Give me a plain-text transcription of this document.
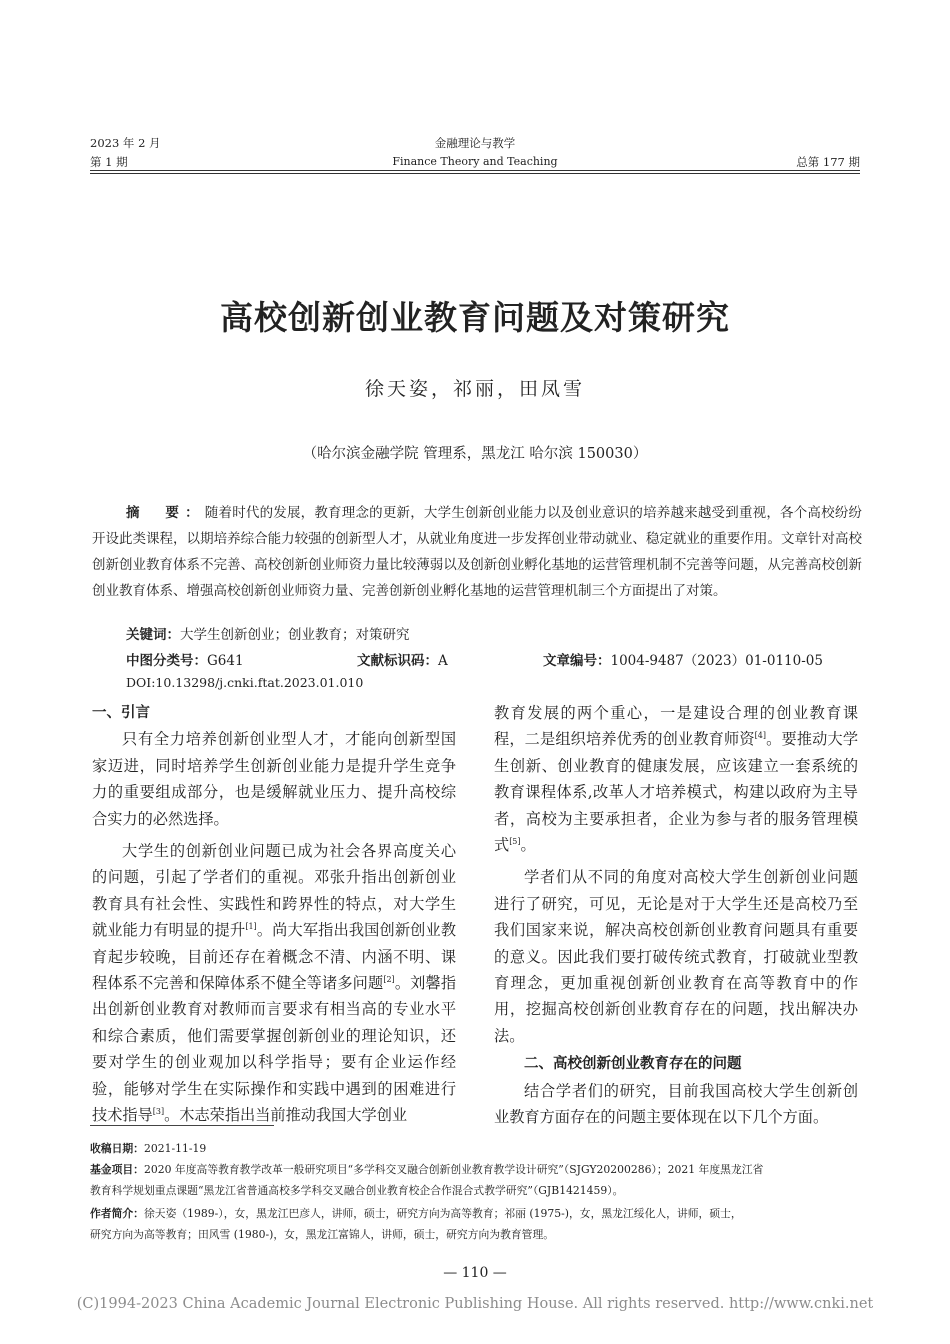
2023 年 2 月
第 1 期
金融理论与教学
Finance Theory and Teaching	总第 177 期
高校创新创业教育问题及对策研究
徐天姿，祁丽，田凤雪
（哈尔滨金融学院 管理系，黑龙江 哈尔滨 150030）
摘　要：随着时代的发展，教育理念的更新，大学生创新创业能力以及创业意识的培养越来越受到重视，各个高校纷纷开设此类课程，以期培养综合能力较强的创新型人才，从就业角度进一步发挥创业带动就业、稳定就业的重要作用。文章针对高校创新创业教育体系不完善、高校创新创业师资力量比较薄弱以及创新创业孵化基地的运营管理机制不完善等问题，从完善高校创新创业教育体系、增强高校创新创业师资力量、完善创新创业孵化基地的运营管理机制三个方面提出了对策。
关键词：大学生创新创业；创业教育；对策研究
中图分类号：G641	文献标识码：A	文章编号：1004-9487（2023）01-0110-05
DOI:10.13298/j.cnki.ftat.2023.01.010

一、引言

只有全力培养创新创业型人才，才能向创新型国家迈进，同时培养学生创新创业能力是提升学生竞争力的重要组成部分，也是缓解就业压力、提升高校综合实力的必然选择。

大学生的创新创业问题已成为社会各界高度关心的问题，引起了学者们的重视。邓张升指出创新创业教育具有社会性、实践性和跨界性的特点，对大学生就业能力有明显的提升[1]。尚大军指出我国创新创业教育起步较晚，目前还存在着概念不清、内涵不明、课程体系不完善和保障体系不健全等诸多问题[2]。刘馨指出创新创业教育对教师而言要求有相当高的专业水平和综合素质，他们需要掌握创新创业的理论知识，还要对学生的创业观加以科学指导；要有企业运作经验，能够对学生在实际操作和实践中遇到的困难进行技术指导[3]。木志荣指出当前推动我国大学创业

教育发展的两个重心，一是建设合理的创业教育课程，二是组织培养优秀的创业教育师资[4]。要推动大学生创新、创业教育的健康发展，应该建立一套系统的教育课程体系,改革人才培养模式，构建以政府为主导者，高校为主要承担者，企业为参与者的服务管理模式[5]。

学者们从不同的角度对高校大学生创新创业问题进行了研究，可见，无论是对于大学生还是高校乃至我们国家来说，解决高校创新创业教育问题具有重要的意义。因此我们要打破传统式教育，打破就业型教育理念，更加重视创新创业教育在高等教育中的作用，挖掘高校创新创业教育存在的问题，找出解决办法。

二、高校创新创业教育存在的问题

结合学者们的研究，目前我国高校大学生创新创业教育方面存在的问题主要体现在以下几个方面。

收稿日期：2021-11-19
基金项目：2020 年度高等教育教学改革一般研究项目“多学科交叉融合创新创业教育教学设计研究”（SJGY20200286）；2021 年度黑龙江省
教育科学规划重点课题“黑龙江省普通高校多学科交叉融合创业教育校企合作混合式教学研究”（GJB1421459）。
作者简介：徐天姿（1989-），女，黑龙江巴彦人，讲师，硕士，研究方向为高等教育；祁丽 (1975-)，女，黑龙江绥化人，讲师，硕士，
研究方向为高等教育；田风雪 (1980-)，女，黑龙江富锦人，讲师，硕士，研究方向为教育管理。
— 110 —
(C)1994-2023 China Academic Journal Electronic Publishing House. All rights reserved. http://www.cnki.net
